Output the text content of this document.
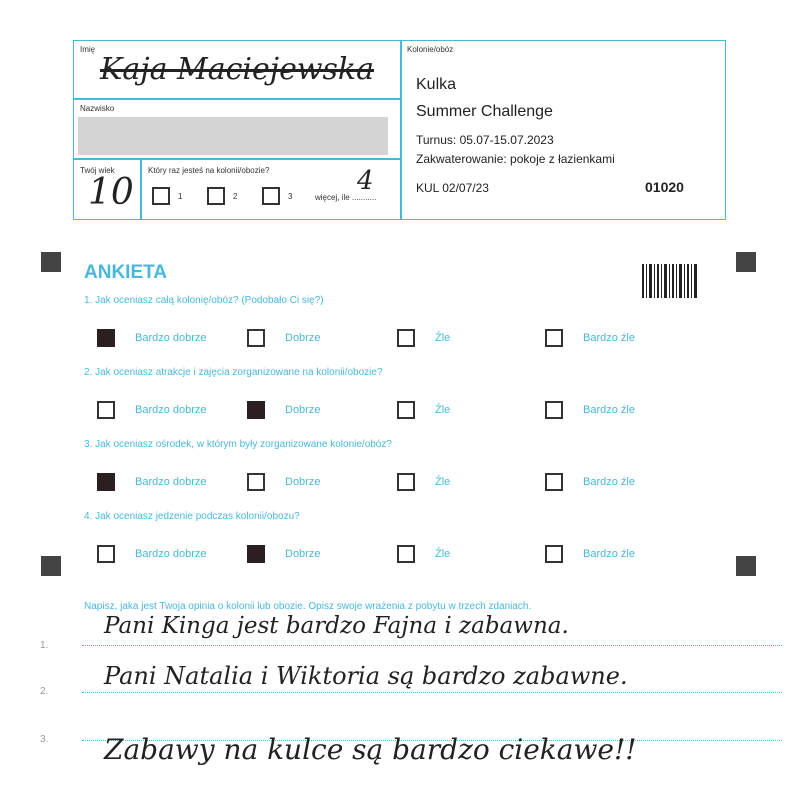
Imię
Kaja Maciejewska
Nazwisko
Twój wiek
10
Który raz jesteś na kolonii/obozie?
1	2	3	więcej, ile ...........
4
Kolonie/obóz
Kulka
Summer Challenge
Turnus: 05.07-15.07.2023
Zakwaterowanie: pokoje z łazienkami
KUL 02/07/23	01020
ANKIETA
1. Jak oceniasz całą kolonię/obóz? (Podobało Ci się?)
Bardzo dobrze	Dobrze	Źle	Bardzo źle
2. Jak oceniasz atrakcje i zajęcia zorganizowane na kolonii/obozie?
Bardzo dobrze	Dobrze	Źle	Bardzo źle
3. Jak oceniasz ośrodek, w którym były zorganizowane kolonie/obóz?
Bardzo dobrze	Dobrze	Źle	Bardzo źle
4. Jak oceniasz jedzenie podczas kolonii/obozu?
Bardzo dobrze	Dobrze	Źle	Bardzo źle
Napisz, jaka jest Twoja opinia o kolonii lub obozie. Opisz swoje wrażenia z pobytu w trzech zdaniach.
1.
2.
3.
Pani Kinga jest bardzo Fajna i zabawna.
Pani Natalia i Wiktoria są bardzo zabawne.
Zabawy na kulce są bardzo ciekawe!!
